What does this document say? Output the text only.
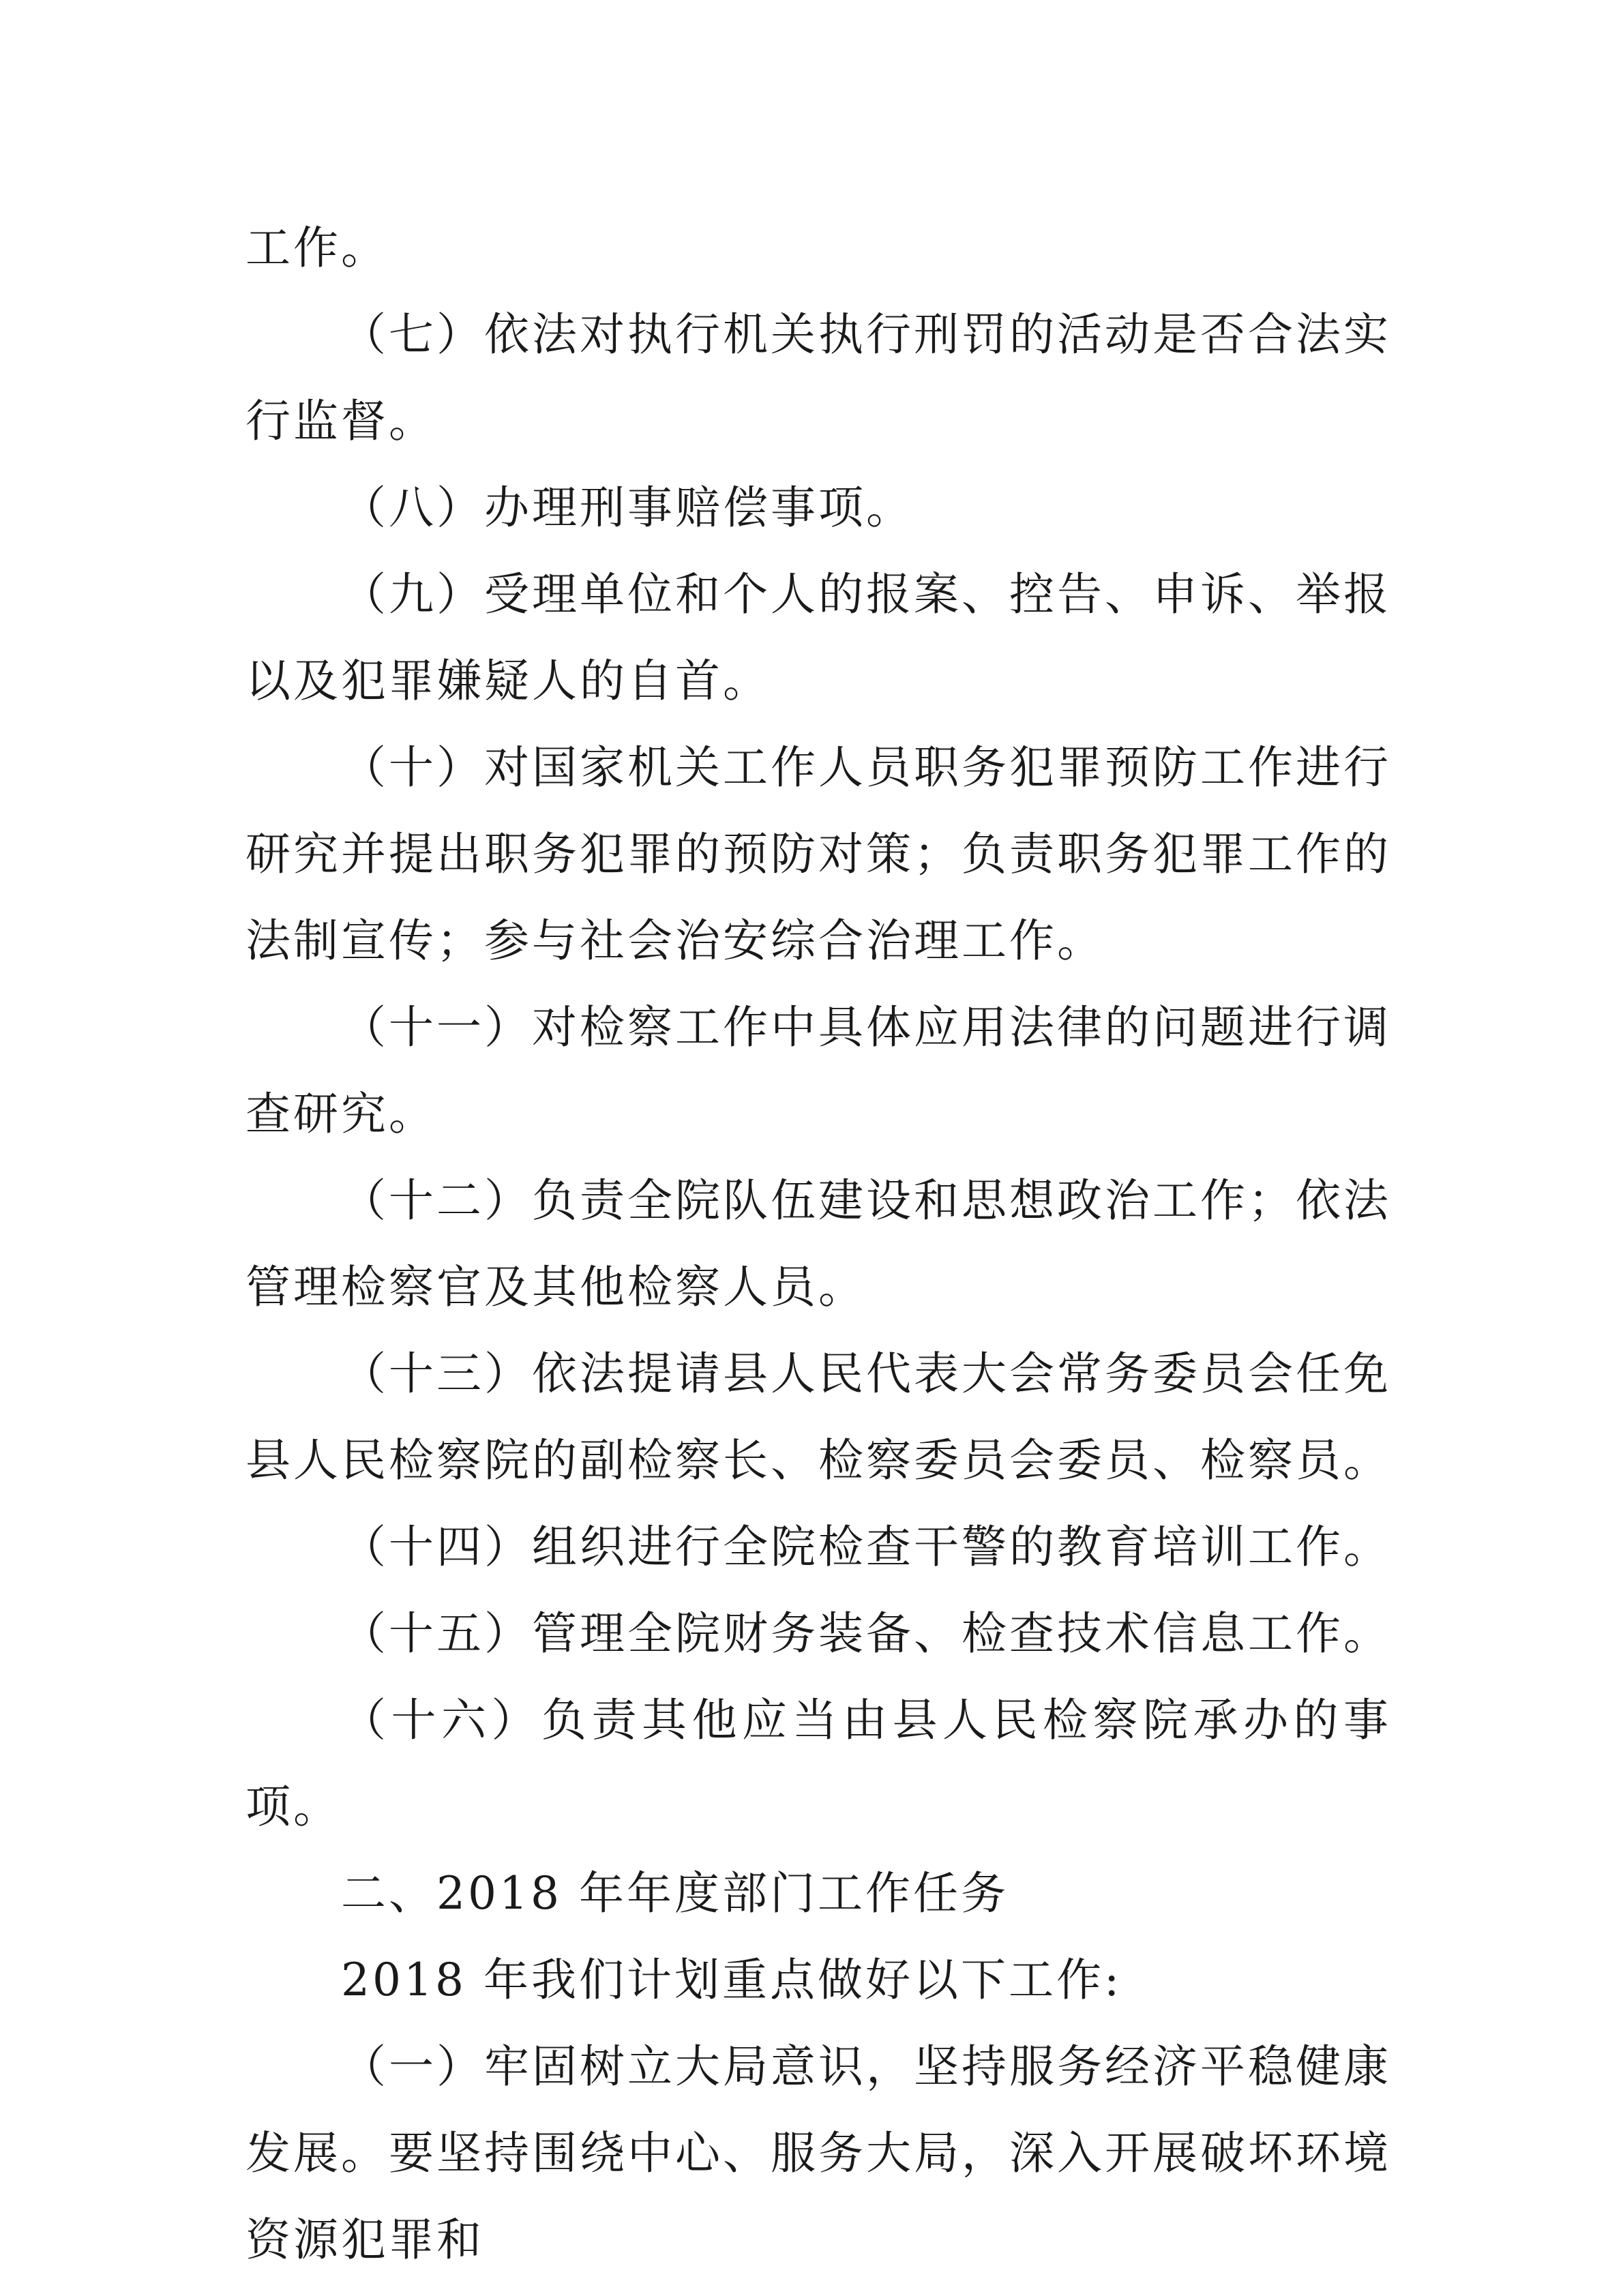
工作。

（七）依法对执行机关执行刑罚的活动是否合法实行监督。

（八）办理刑事赔偿事项。

（九）受理单位和个人的报案、控告、申诉、举报以及犯罪嫌疑人的自首。

（十）对国家机关工作人员职务犯罪预防工作进行研究并提出职务犯罪的预防对策；负责职务犯罪工作的法制宣传；参与社会治安综合治理工作。

（十一）对检察工作中具体应用法律的问题进行调查研究。

（十二）负责全院队伍建设和思想政治工作；依法管理检察官及其他检察人员。

（十三）依法提请县人民代表大会常务委员会任免县人民检察院的副检察长、检察委员会委员、检察员。

（十四）组织进行全院检查干警的教育培训工作。

（十五）管理全院财务装备、检查技术信息工作。

（十六）负责其他应当由县人民检察院承办的事项。

二、2018 年年度部门工作任务

2018 年我们计划重点做好以下工作:

（一）牢固树立大局意识，坚持服务经济平稳健康发展。要坚持围绕中心、服务大局，深入开展破坏环境资源犯罪和
